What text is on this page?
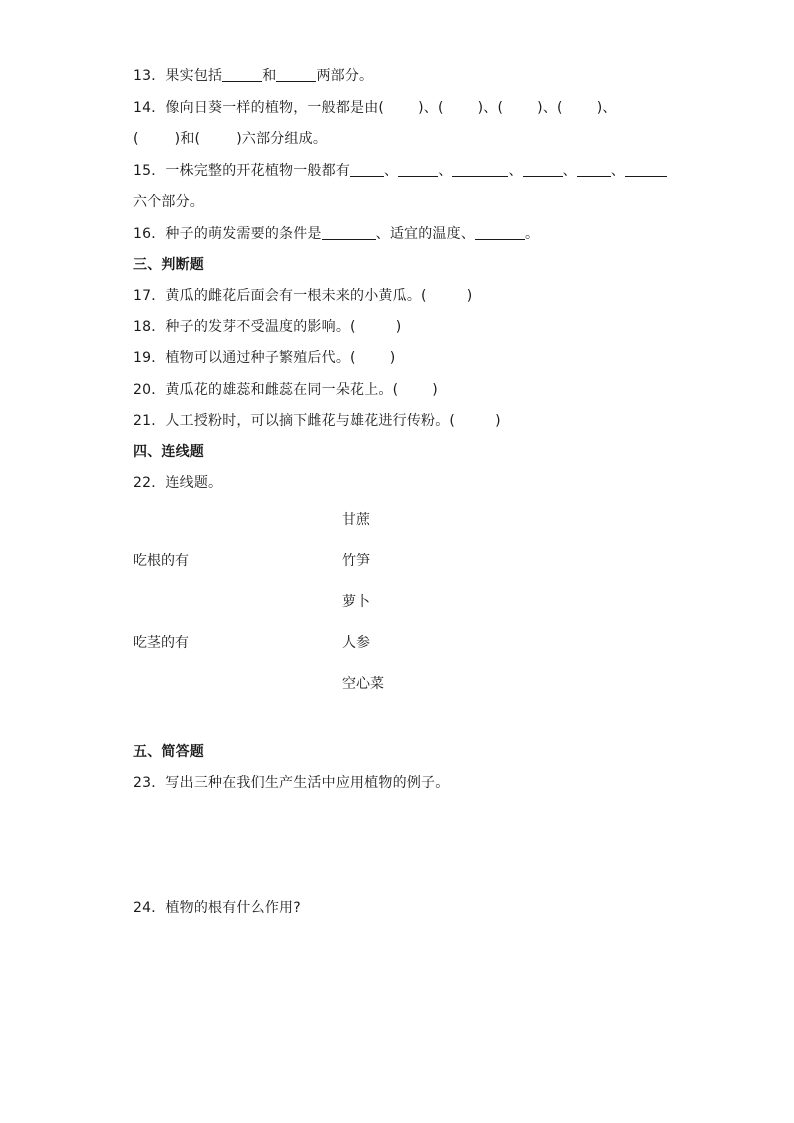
13．果实包括	和	两部分。
14．像向日葵一样的植物，一般都是由( )、( )、( )、( )、
(	)和(	)六部分组成。
15．一株完整的开花植物一般都有 、	、	、	、 、
六个部分。
16．种子的萌发需要的条件是	、适宜的温度、	。
三、判断题
17．黄瓜的雌花后面会有一根未来的小黄瓜。(	)
18．种子的发芽不受温度的影响。(	)
19．植物可以通过种子繁殖后代。( )
20．黄瓜花的雄蕊和雌蕊在同一朵花上。( )
21．人工授粉时，可以摘下雌花与雄花进行传粉。(	)
四、连线题
22．连线题。
吃根的有
吃茎的有
甘蔗
竹笋
萝卜
人参
空心菜
五、简答题
23．写出三种在我们生产生活中应用植物的例子。
24．植物的根有什么作用?
